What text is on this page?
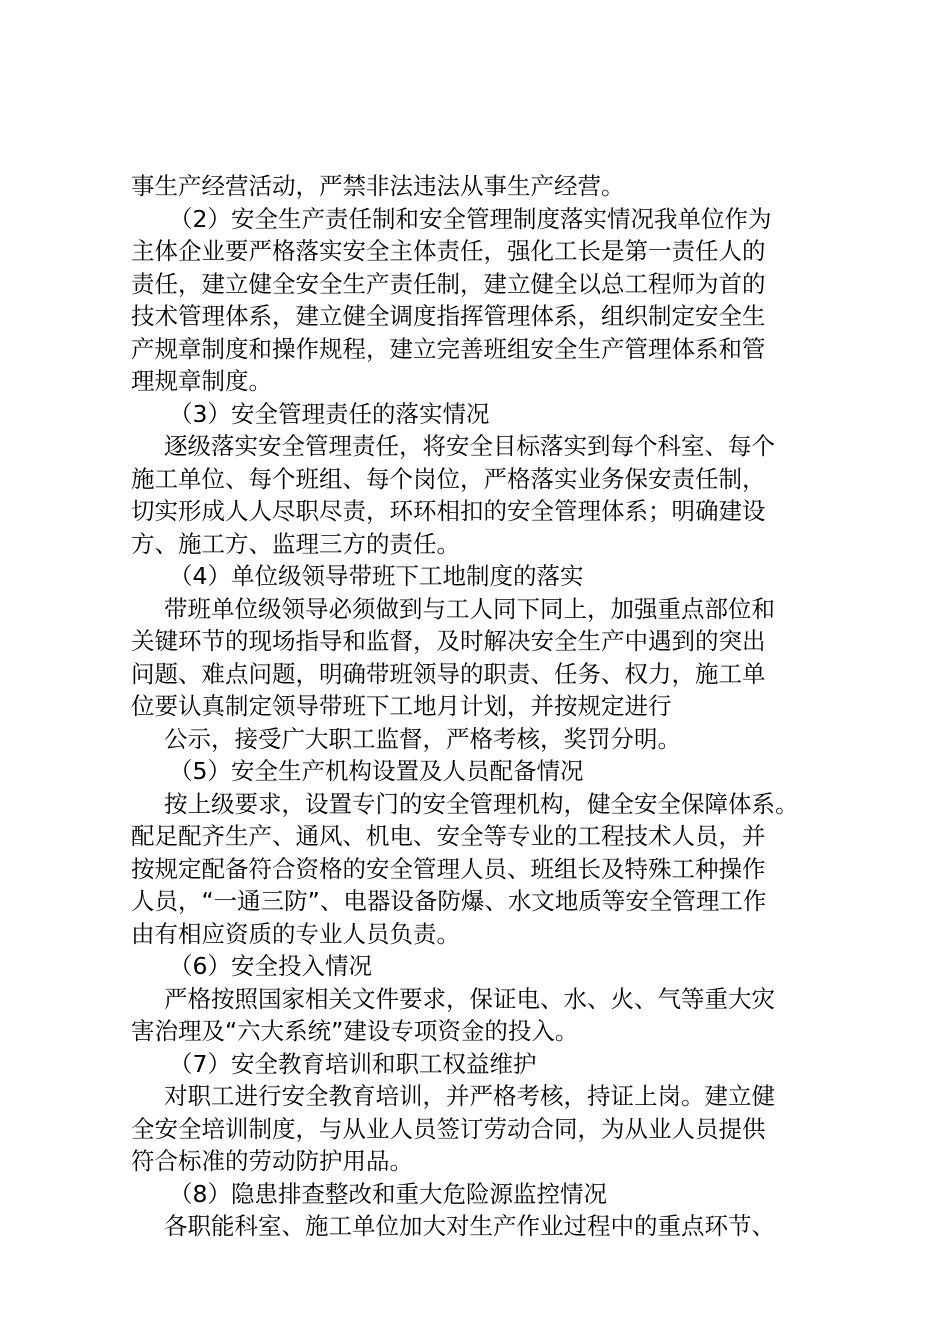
事生产经营活动，严禁非法违法从事生产经营。
（2）安全生产责任制和安全管理制度落实情况我单位作为
主体企业要严格落实安全主体责任，强化工长是第一责任人的
责任，建立健全安全生产责任制，建立健全以总工程师为首的
技术管理体系，建立健全调度指挥管理体系，组织制定安全生
产规章制度和操作规程，建立完善班组安全生产管理体系和管
理规章制度。
（3）安全管理责任的落实情况
逐级落实安全管理责任，将安全目标落实到每个科室、每个
施工单位、每个班组、每个岗位，严格落实业务保安责任制，
切实形成人人尽职尽责，环环相扣的安全管理体系；明确建设
方、施工方、监理三方的责任。
（4）单位级领导带班下工地制度的落实
带班单位级领导必须做到与工人同下同上，加强重点部位和
关键环节的现场指导和监督，及时解决安全生产中遇到的突出
问题、难点问题，明确带班领导的职责、任务、权力，施工单
位要认真制定领导带班下工地月计划，并按规定进行
公示，接受广大职工监督，严格考核，奖罚分明。
（5）安全生产机构设置及人员配备情况
按上级要求，设置专门的安全管理机构，健全安全保障体系。
配足配齐生产、通风、机电、安全等专业的工程技术人员，并
按规定配备符合资格的安全管理人员、班组长及特殊工种操作
人员，“一通三防”、电器设备防爆、水文地质等安全管理工作
由有相应资质的专业人员负责。
（6）安全投入情况
严格按照国家相关文件要求，保证电、水、火、气等重大灾
害治理及“六大系统”建设专项资金的投入。
（7）安全教育培训和职工权益维护
对职工进行安全教育培训，并严格考核，持证上岗。建立健
全安全培训制度，与从业人员签订劳动合同，为从业人员提供
符合标准的劳动防护用品。
（8）隐患排查整改和重大危险源监控情况
各职能科室、施工单位加大对生产作业过程中的重点环节、
